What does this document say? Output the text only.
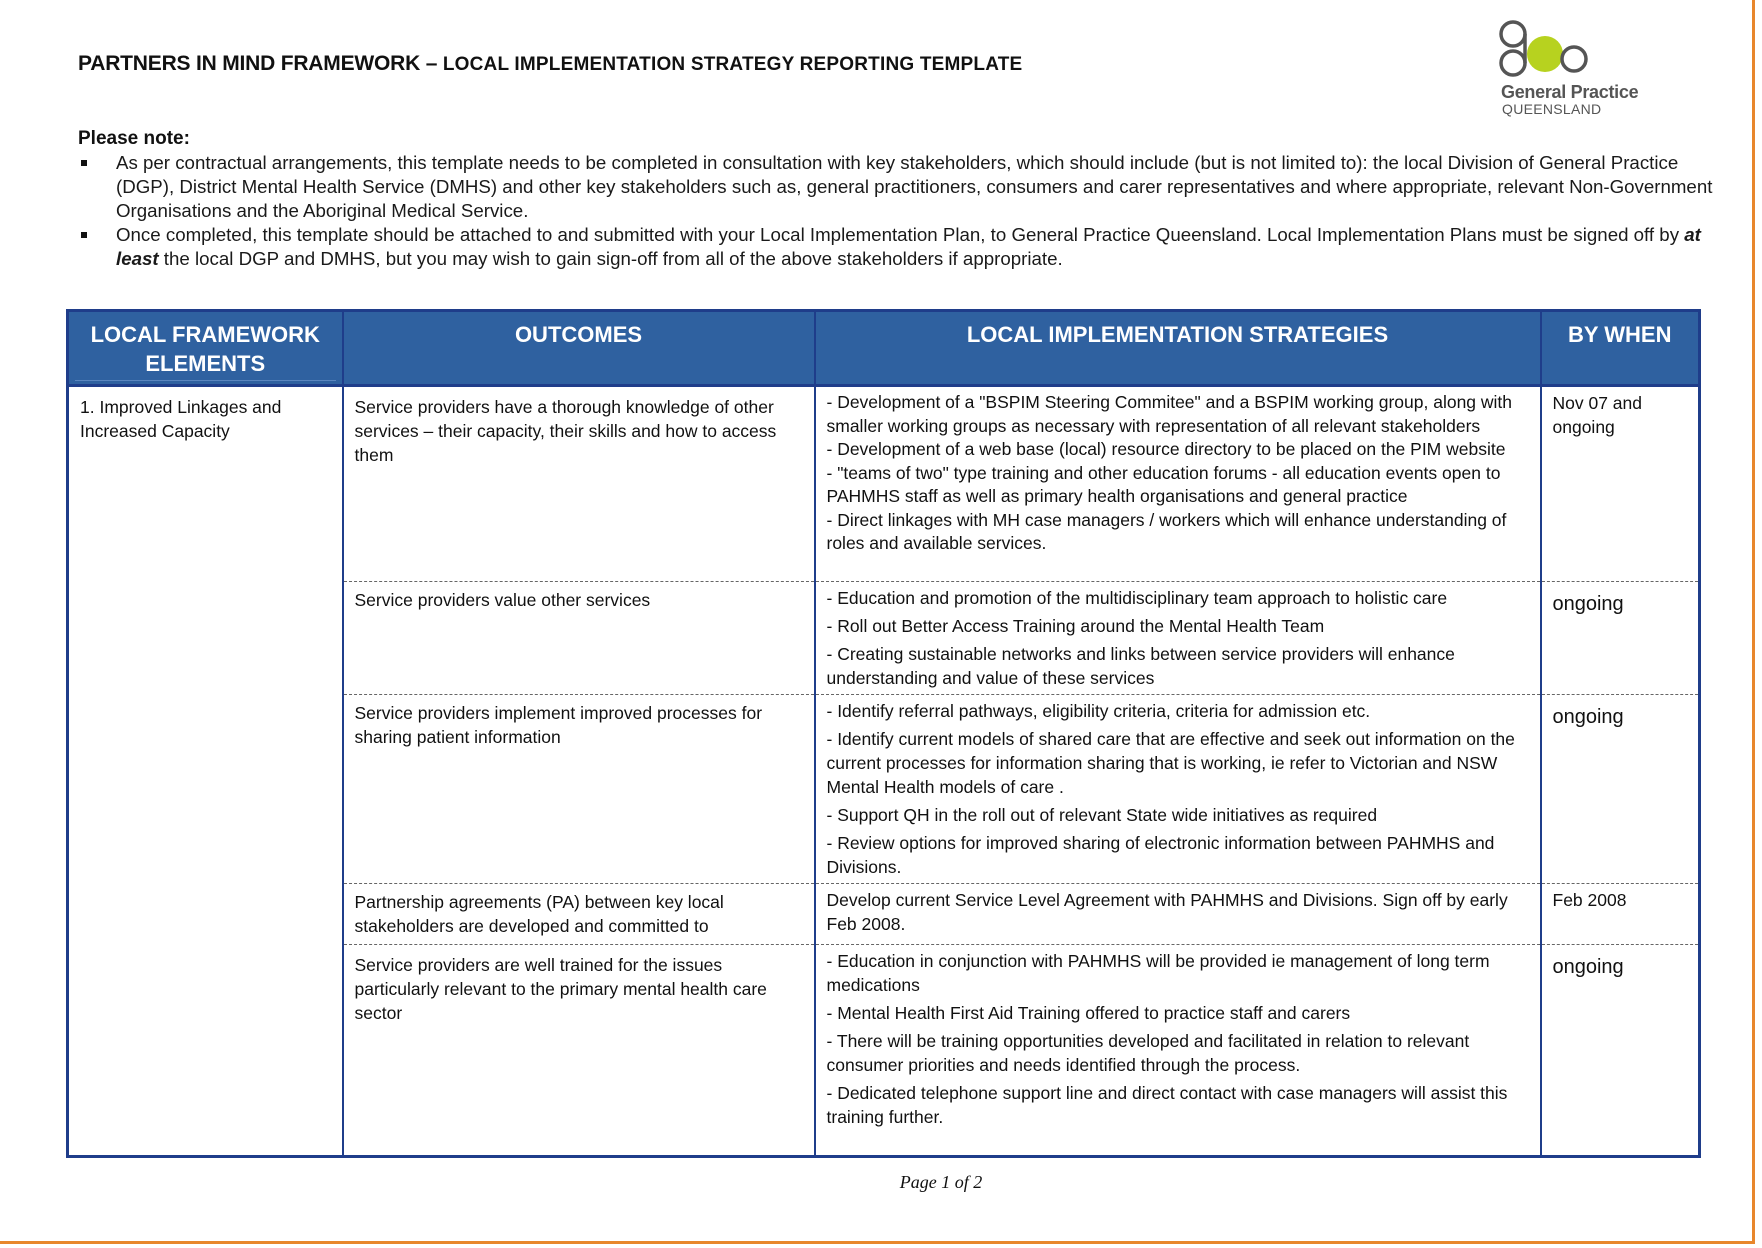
PARTNERS IN MIND FRAMEWORK – LOCAL IMPLEMENTATION STRATEGY REPORTING TEMPLATE
General Practice
QUEENSLAND
Please note:
As per contractual arrangements, this template needs to be completed in consultation with key stakeholders, which should include (but is not limited to): the local Division of General Practice (DGP), District Mental Health Service (DMHS) and other key stakeholders such as, general practitioners, consumers and carer representatives and where appropriate, relevant Non-Government Organisations and the Aboriginal Medical Service.
Once completed, this template should be attached to and submitted with your Local Implementation Plan, to General Practice Queensland. Local Implementation Plans must be signed off by at least the local DGP and DMHS, but you may wish to gain sign-off from all of the above stakeholders if appropriate.
LOCAL FRAMEWORK ELEMENTS	OUTCOMES	LOCAL IMPLEMENTATION STRATEGIES	BY WHEN
1. Improved Linkages and Increased Capacity	Service providers have a thorough knowledge of other services – their capacity, their skills and how to access them	- Development of a "BSPIM Steering Commitee" and a BSPIM working group, along with smaller working groups as necessary with representation of all relevant stakeholders
- Development of a web base (local) resource directory to be placed on the PIM website
- "teams of two" type training and other education forums - all education events open to PAHMHS staff as well as primary health organisations and general practice
- Direct linkages with MH case managers / workers which will enhance understanding of roles and available services.	Nov 07 and ongoing
	Service providers value other services	- Education and promotion of the multidisciplinary team approach to holistic care

- Roll out Better Access Training around the Mental Health Team

- Creating sustainable networks and links between service providers will enhance understanding and value of these services	ongoing
	Service providers implement improved processes for sharing patient information	- Identify referral pathways, eligibility criteria, criteria for admission etc.

- Identify current models of shared care that are effective and seek out information on the current processes for information sharing that is working, ie refer to Victorian and NSW Mental Health models of care .

- Support QH in the roll out of relevant State wide initiatives as required

- Review options for improved sharing of electronic information between PAHMHS and Divisions.	ongoing
	Partnership agreements (PA) between key local stakeholders are developed and committed to	Develop current Service Level Agreement with PAHMHS and Divisions. Sign off by early Feb 2008.	Feb 2008
	Service providers are well trained for the issues particularly relevant to the primary mental health care sector	- Education in conjunction with PAHMHS will be provided ie management of long term medications

- Mental Health First Aid Training offered to practice staff and carers

- There will be training opportunities developed and facilitated in relation to relevant consumer priorities and needs identified through the process.

- Dedicated telephone support line and direct contact with case managers will assist this training further.	ongoing
Page 1 of 2
